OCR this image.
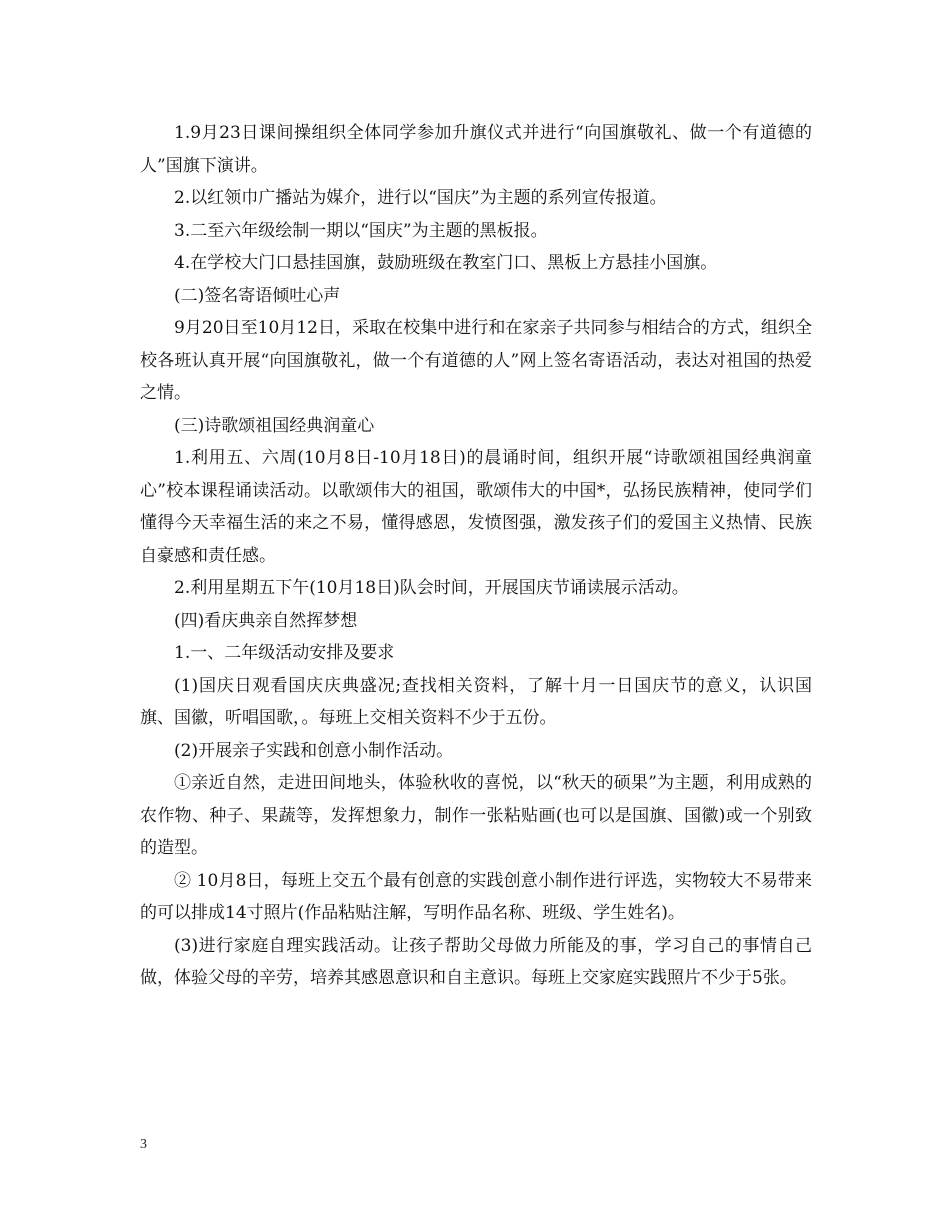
1.9月23日课间操组织全体同学参加升旗仪式并进行“向国旗敬礼、做一个有道德的人”国旗下演讲。

2.以红领巾广播站为媒介，进行以“国庆”为主题的系列宣传报道。

3.二至六年级绘制一期以“国庆”为主题的黑板报。

4.在学校大门口悬挂国旗，鼓励班级在教室门口、黑板上方悬挂小国旗。

(二)签名寄语倾吐心声

9月20日至10月12日，采取在校集中进行和在家亲子共同参与相结合的方式，组织全校各班认真开展“向国旗敬礼，做一个有道德的人”网上签名寄语活动，表达对祖国的热爱之情。

(三)诗歌颂祖国经典润童心

1.利用五、六周(10月8日-10月18日)的晨诵时间，组织开展“诗歌颂祖国经典润童心”校本课程诵读活动。以歌颂伟大的祖国，歌颂伟大的中国*，弘扬民族精神，使同学们懂得今天幸福生活的来之不易，懂得感恩，发愤图强，激发孩子们的爱国主义热情、民族自豪感和责任感。

2.利用星期五下午(10月18日)队会时间，开展国庆节诵读展示活动。

(四)看庆典亲自然挥梦想

1.一、二年级活动安排及要求

(1)国庆日观看国庆庆典盛况;查找相关资料，了解十月一日国庆节的意义，认识国旗、国徽，听唱国歌，。每班上交相关资料不少于五份。

(2)开展亲子实践和创意小制作活动。

①亲近自然，走进田间地头，体验秋收的喜悦，以“秋天的硕果”为主题，利用成熟的农作物、种子、果蔬等，发挥想象力，制作一张粘贴画(也可以是国旗、国徽)或一个别致的造型。

② 10月8日，每班上交五个最有创意的实践创意小制作进行评选，实物较大不易带来的可以排成14寸照片(作品粘贴注解，写明作品名称、班级、学生姓名)。

(3)进行家庭自理实践活动。让孩子帮助父母做力所能及的事，学习自己的事情自己做，体验父母的辛劳，培养其感恩意识和自主意识。每班上交家庭实践照片不少于5张。

3
